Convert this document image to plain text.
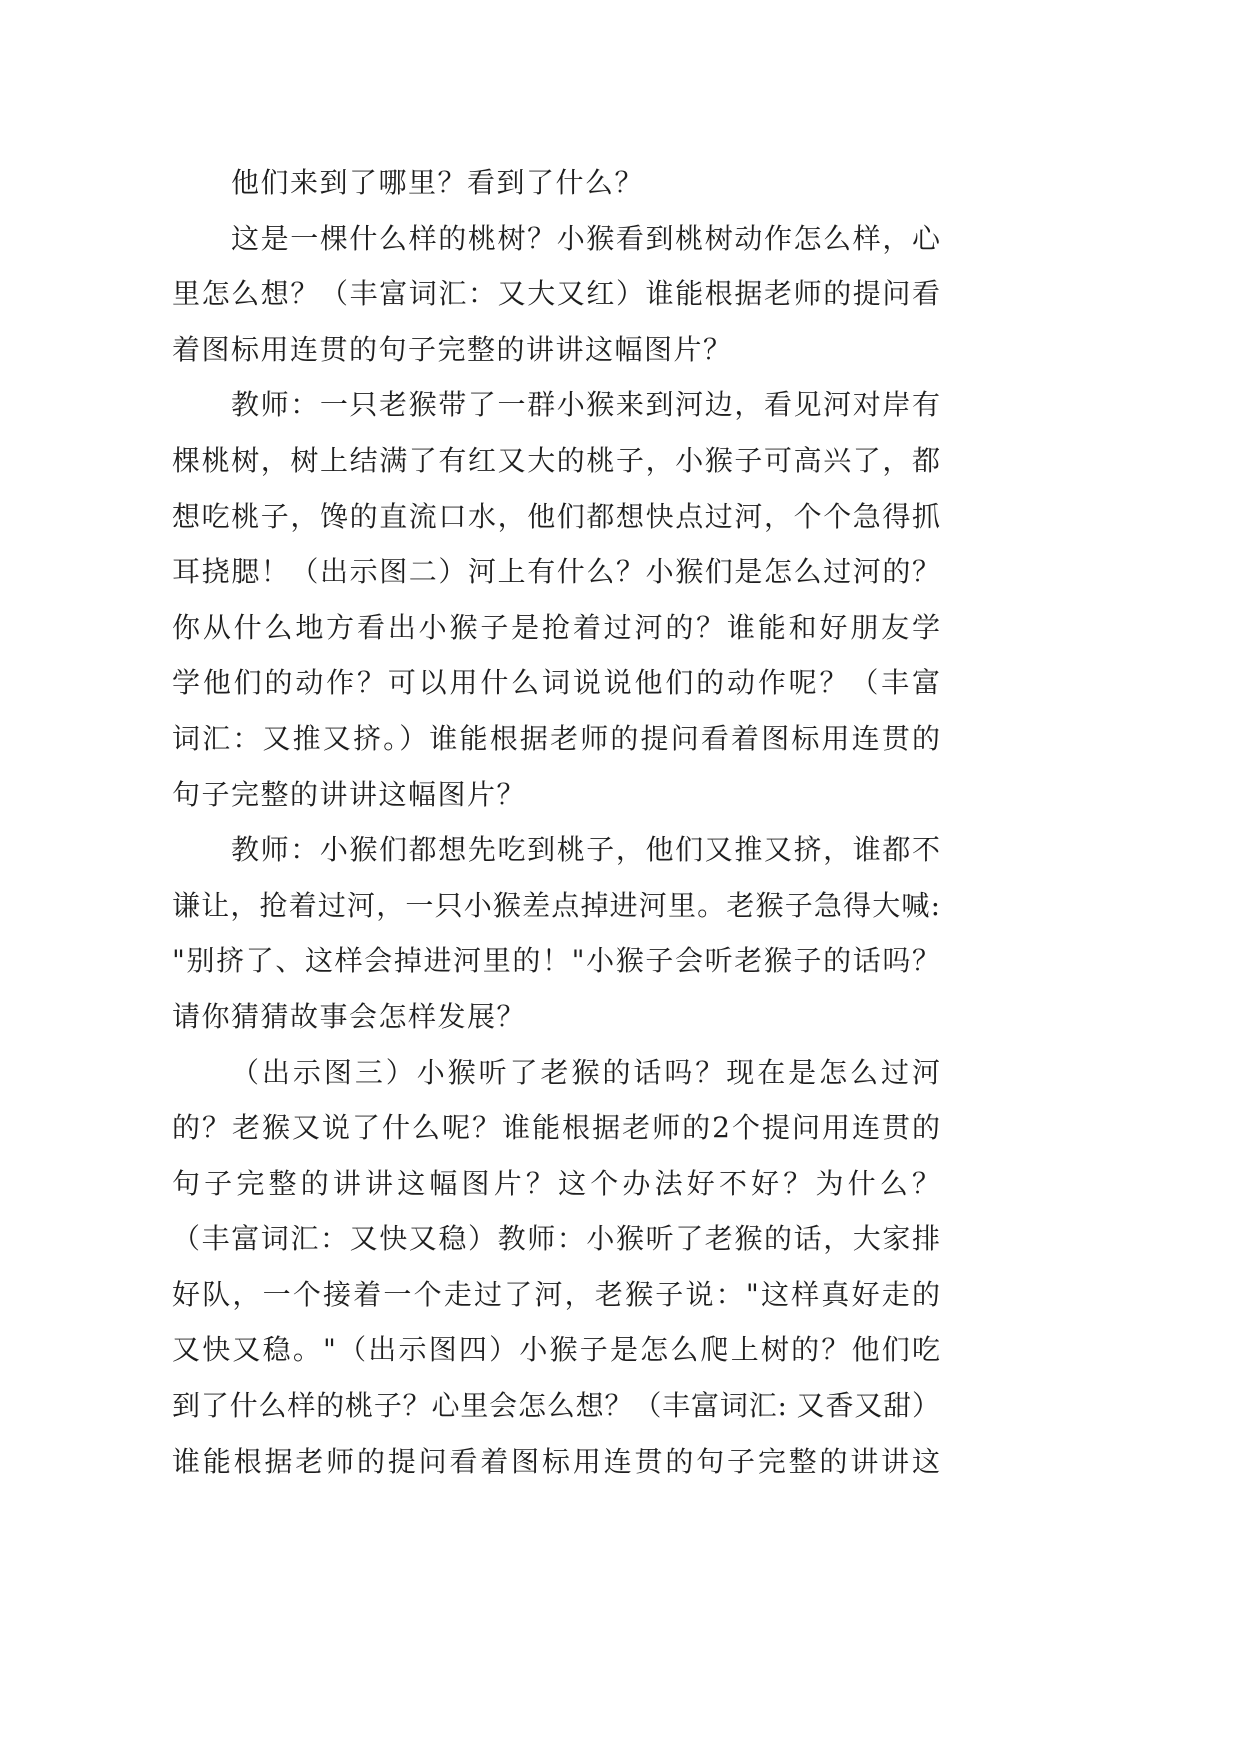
他们来到了哪里？看到了什么？
这是一棵什么样的桃树？小猴看到桃树动作怎么样，心
里怎么想？（丰富词汇：又大又红）谁能根据老师的提问看
着图标用连贯的句子完整的讲讲这幅图片？
教师：一只老猴带了一群小猴来到河边，看见河对岸有
棵桃树，树上结满了有红又大的桃子，小猴子可高兴了，都
想吃桃子，馋的直流口水，他们都想快点过河，个个急得抓
耳挠腮！（出示图二）河上有什么？小猴们是怎么过河的？
你从什么地方看出小猴子是抢着过河的？谁能和好朋友学
学他们的动作？可以用什么词说说他们的动作呢？（丰富
词汇：又推又挤。）谁能根据老师的提问看着图标用连贯的
句子完整的讲讲这幅图片？
教师：小猴们都想先吃到桃子，他们又推又挤，谁都不
谦让，抢着过河，一只小猴差点掉进河里。老猴子急得大喊:
"别挤了、这样会掉进河里的！"小猴子会听老猴子的话吗？
请你猜猜故事会怎样发展？
（出示图三）小猴听了老猴的话吗？现在是怎么过河
的？老猴又说了什么呢？谁能根据老师的2个提问用连贯的
句子完整的讲讲这幅图片？这个办法好不好？为什么？
（丰富词汇：又快又稳）教师：小猴听了老猴的话，大家排
好队，一个接着一个走过了河，老猴子说："这样真好走的
又快又稳。"（出示图四）小猴子是怎么爬上树的？他们吃
到了什么样的桃子？心里会怎么想？（丰富词汇: 又香又甜）
谁能根据老师的提问看着图标用连贯的句子完整的讲讲这
